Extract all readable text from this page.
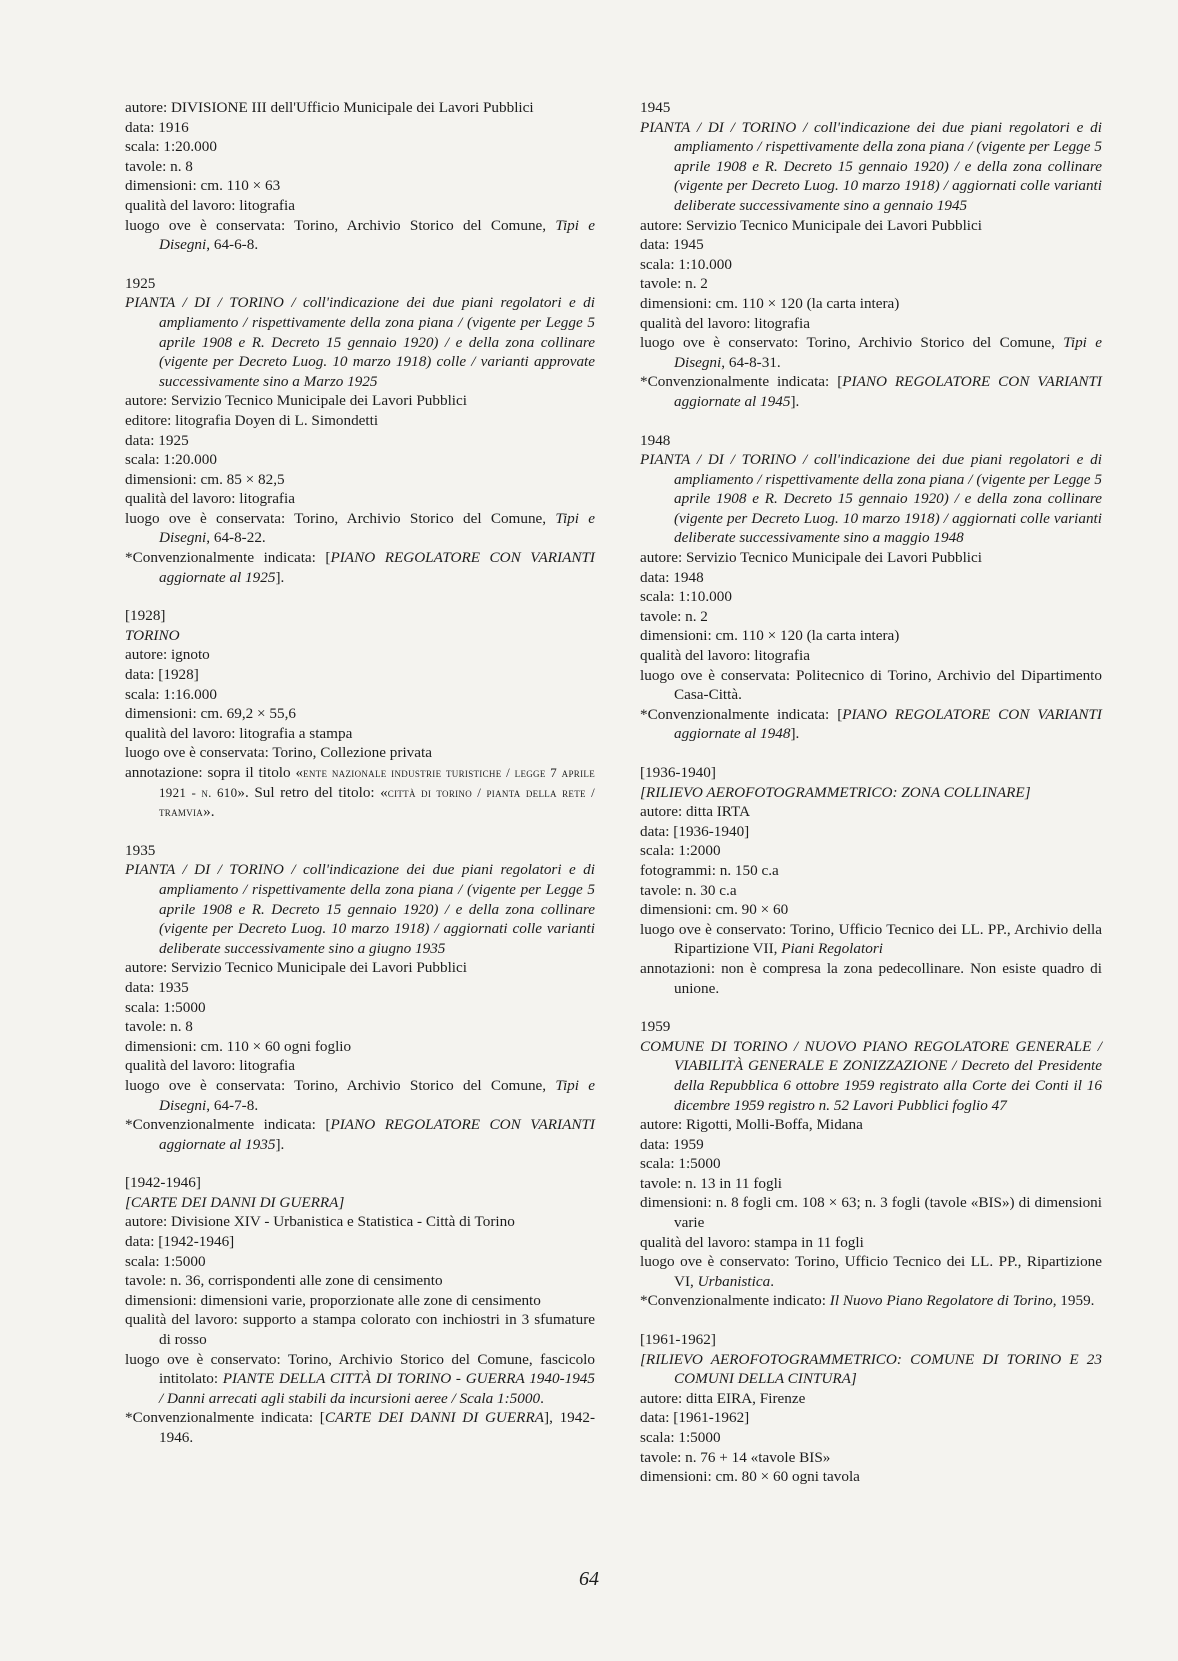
autore: DIVISIONE III dell'Ufficio Municipale dei Lavori Pubblici
data: 1916
scala: 1:20.000
tavole: n. 8
dimensioni: cm. 110 × 63
qualità del lavoro: litografia
luogo ove è conservata: Torino, Archivio Storico del Comune, Tipi e Disegni, 64-6-8.
1925
PIANTA / DI / TORINO / coll'indicazione dei due piani regolatori e di ampliamento / rispettivamente della zona piana / (vigente per Legge 5 aprile 1908 e R. Decreto 15 gennaio 1920) / e della zona collinare (vigente per Decreto Luog. 10 marzo 1918) colle / varianti approvate successivamente sino a Marzo 1925
autore: Servizio Tecnico Municipale dei Lavori Pubblici
editore: litografia Doyen di L. Simondetti
data: 1925
scala: 1:20.000
dimensioni: cm. 85 × 82,5
qualità del lavoro: litografia
luogo ove è conservata: Torino, Archivio Storico del Comune, Tipi e Disegni, 64-8-22.
*Convenzionalmente indicata: [PIANO REGOLATORE CON VARIANTI aggiornate al 1925].
[1928]
TORINO
autore: ignoto
data: [1928]
scala: 1:16.000
dimensioni: cm. 69,2 × 55,6
qualità del lavoro: litografia a stampa
luogo ove è conservata: Torino, Collezione privata
annotazione: sopra il titolo «ente nazionale industrie turistiche / legge 7 aprile 1921 - n. 610». Sul retro del titolo: «città di torino / pianta della rete / tramvia».
1935
PIANTA / DI / TORINO / coll'indicazione dei due piani regolatori e di ampliamento / rispettivamente della zona piana / (vigente per Legge 5 aprile 1908 e R. Decreto 15 gennaio 1920) / e della zona collinare (vigente per Decreto Luog. 10 marzo 1918) / aggiornati colle varianti deliberate successivamente sino a giugno 1935
autore: Servizio Tecnico Municipale dei Lavori Pubblici
data: 1935
scala: 1:5000
tavole: n. 8
dimensioni: cm. 110 × 60 ogni foglio
qualità del lavoro: litografia
luogo ove è conservata: Torino, Archivio Storico del Comune, Tipi e Disegni, 64-7-8.
*Convenzionalmente indicata: [PIANO REGOLATORE CON VARIANTI aggiornate al 1935].
[1942-1946]
[CARTE DEI DANNI DI GUERRA]
autore: Divisione XIV - Urbanistica e Statistica - Città di Torino
data: [1942-1946]
scala: 1:5000
tavole: n. 36, corrispondenti alle zone di censimento
dimensioni: dimensioni varie, proporzionate alle zone di censimento
qualità del lavoro: supporto a stampa colorato con inchiostri in 3 sfumature di rosso
luogo ove è conservato: Torino, Archivio Storico del Comune, fascicolo intitolato: PIANTE DELLA CITTÀ DI TORINO - GUERRA 1940-1945 / Danni arrecati agli stabili da incursioni aeree / Scala 1:5000.
*Convenzionalmente indicata: [CARTE DEI DANNI DI GUERRA], 1942-1946.
1945
PIANTA / DI / TORINO / coll'indicazione dei due piani regolatori e di ampliamento / rispettivamente della zona piana / (vigente per Legge 5 aprile 1908 e R. Decreto 15 gennaio 1920) / e della zona collinare (vigente per Decreto Luog. 10 marzo 1918) / aggiornati colle varianti deliberate successivamente sino a gennaio 1945
autore: Servizio Tecnico Municipale dei Lavori Pubblici
data: 1945
scala: 1:10.000
tavole: n. 2
dimensioni: cm. 110 × 120 (la carta intera)
qualità del lavoro: litografia
luogo ove è conservato: Torino, Archivio Storico del Comune, Tipi e Disegni, 64-8-31.
*Convenzionalmente indicata: [PIANO REGOLATORE CON VARIANTI aggiornate al 1945].
1948
PIANTA / DI / TORINO / coll'indicazione dei due piani regolatori e di ampliamento / rispettivamente della zona piana / (vigente per Legge 5 aprile 1908 e R. Decreto 15 gennaio 1920) / e della zona collinare (vigente per Decreto Luog. 10 marzo 1918) / aggiornati colle varianti deliberate successivamente sino a maggio 1948
autore: Servizio Tecnico Municipale dei Lavori Pubblici
data: 1948
scala: 1:10.000
tavole: n. 2
dimensioni: cm. 110 × 120 (la carta intera)
qualità del lavoro: litografia
luogo ove è conservata: Politecnico di Torino, Archivio del Dipartimento Casa-Città.
*Convenzionalmente indicata: [PIANO REGOLATORE CON VARIANTI aggiornate al 1948].
[1936-1940]
[RILIEVO AEROFOTOGRAMMETRICO: ZONA COLLINARE]
autore: ditta IRTA
data: [1936-1940]
scala: 1:2000
fotogrammi: n. 150 c.a
tavole: n. 30 c.a
dimensioni: cm. 90 × 60
luogo ove è conservato: Torino, Ufficio Tecnico dei LL. PP., Archivio della Ripartizione VII, Piani Regolatori
annotazioni: non è compresa la zona pedecollinare. Non esiste quadro di unione.
1959
COMUNE DI TORINO / NUOVO PIANO REGOLATORE GENERALE / VIABILITÀ GENERALE E ZONIZZAZIONE / Decreto del Presidente della Repubblica 6 ottobre 1959 registrato alla Corte dei Conti il 16 dicembre 1959 registro n. 52 Lavori Pubblici foglio 47
autore: Rigotti, Molli-Boffa, Midana
data: 1959
scala: 1:5000
tavole: n. 13 in 11 fogli
dimensioni: n. 8 fogli cm. 108 × 63; n. 3 fogli (tavole «BIS») di dimensioni varie
qualità del lavoro: stampa in 11 fogli
luogo ove è conservato: Torino, Ufficio Tecnico dei LL. PP., Ripartizione VI, Urbanistica.
*Convenzionalmente indicato: Il Nuovo Piano Regolatore di Torino, 1959.
[1961-1962]
[RILIEVO AEROFOTOGRAMMETRICO: COMUNE DI TORINO E 23 COMUNI DELLA CINTURA]
autore: ditta EIRA, Firenze
data: [1961-1962]
scala: 1:5000
tavole: n. 76 + 14 «tavole BIS»
dimensioni: cm. 80 × 60 ogni tavola
64
